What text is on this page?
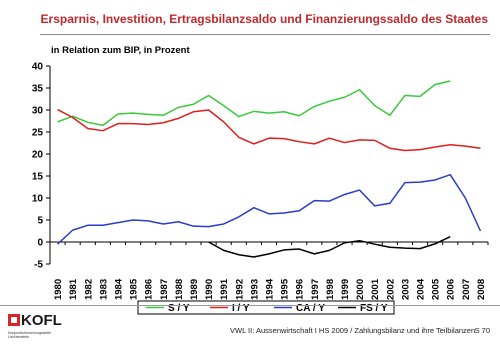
Ersparnis, Investition, Ertragsbilanzsaldo und Finanzierungssaldo des Staates
in Relation zum BIP, in Prozent
-5
0
5
10
15
20
25
30
35
40
1980 1981 1982 1983 1984 1985 1986 1987 1988 1989 1990 1991 1992 1993 1994 1995 1996 1997 1998 1999 2000 2001 2002 2003 2004 2005 2006 2007 2008
S / Y	I / Y	CA / Y	FS / Y
KOFL
Konjunkturforschungsstelle
Liechtenstein
VWL II: Aussenwirtschaft I HS 2009 / Zahlungsbilanz und ihre Teilbilanzen S 70
